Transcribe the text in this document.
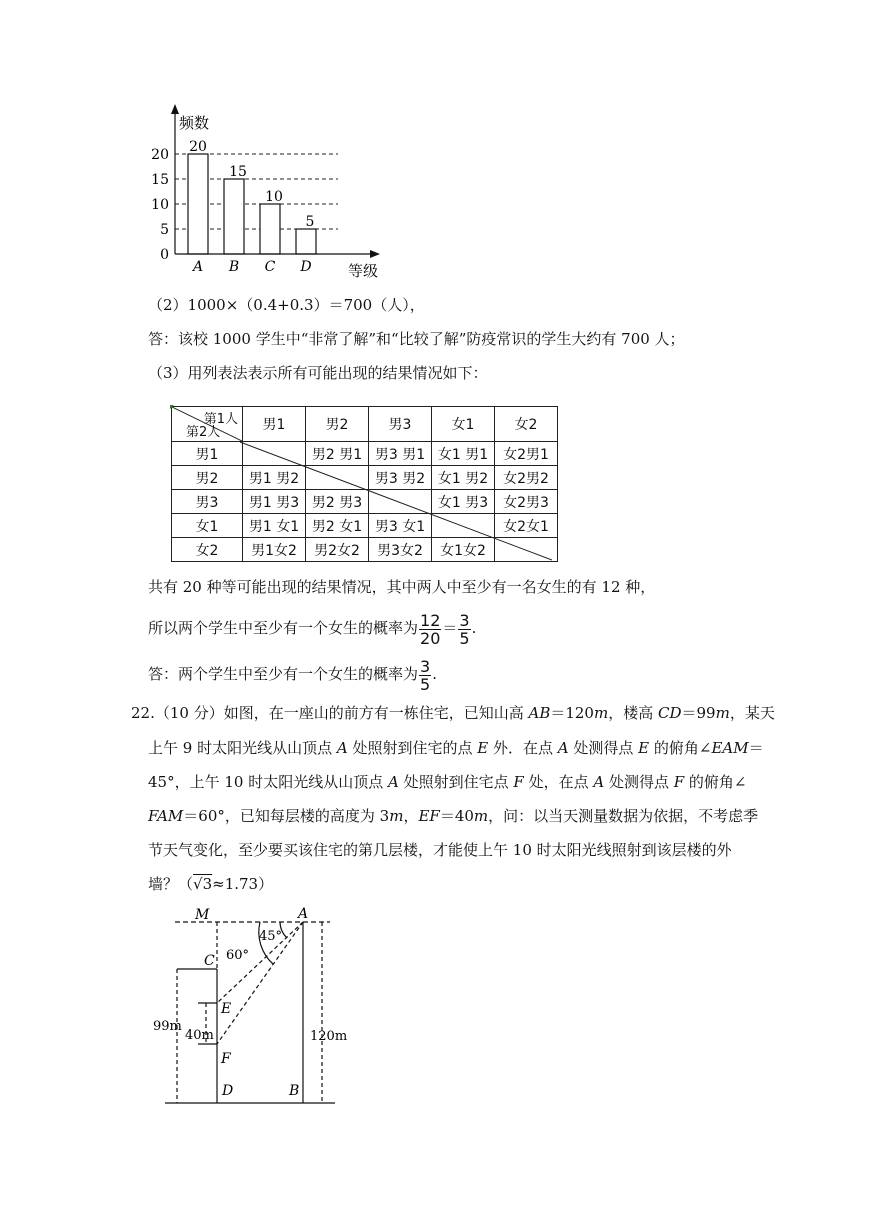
0
5
10
15
20 20
A
15
B
10
C
5
D
频数
等级
（2）1000×（0.4+0.3）＝700（人），
答：该校 1000 学生中“非常了解”和“比较了解”防疫常识的学生大约有 700 人；
（3）用列表法表示所有可能出现的结果情况如下：
第1人
第2人	男1	男2	男3	女1	女2
男1		男2 男1	男3 男1	女1 男1	女2男1
男2	男1 男2		男3 男2	女1 男2	女2男2
男3	男1 男3	男2 男3		女1 男3	女2男3
女1	男1 女1	男2 女1	男3 女1		女2女1
女2	男1女2	男2女2	男3女2	女1女2	
共有 20 种等可能出现的结果情况，其中两人中至少有一名女生的有 12 种，
所以两个学生中至少有一个女生的概率为 $\frac{12}{20} = \frac{3}{5}$ .
答：两个学生中至少有一个女生的概率为 $\frac{3}{5}$ .
22.（10 分）如图，在一座山的前方有一栋住宅，已知山高 AB＝120m，楼高 CD＝99m，某天
上午 9 时太阳光线从山顶点 A 处照射到住宅的点 E 外．在点 A 处测得点 E 的俯角∠EAM＝
45°，上午 10 时太阳光线从山顶点 A 处照射到住宅点 F 处，在点 A 处测得点 F 的俯角∠
FAM＝60°，已知每层楼的高度为 3m，EF＝40m，问：以当天测量数据为依据，不考虑季
节天气变化，至少要买该住宅的第几层楼，才能使上午 10 时太阳光线照射到该层楼的外
墙？（√3≈1.73）
M	A
C
E
F
D	B
45°
60°
99m
40m	120m
